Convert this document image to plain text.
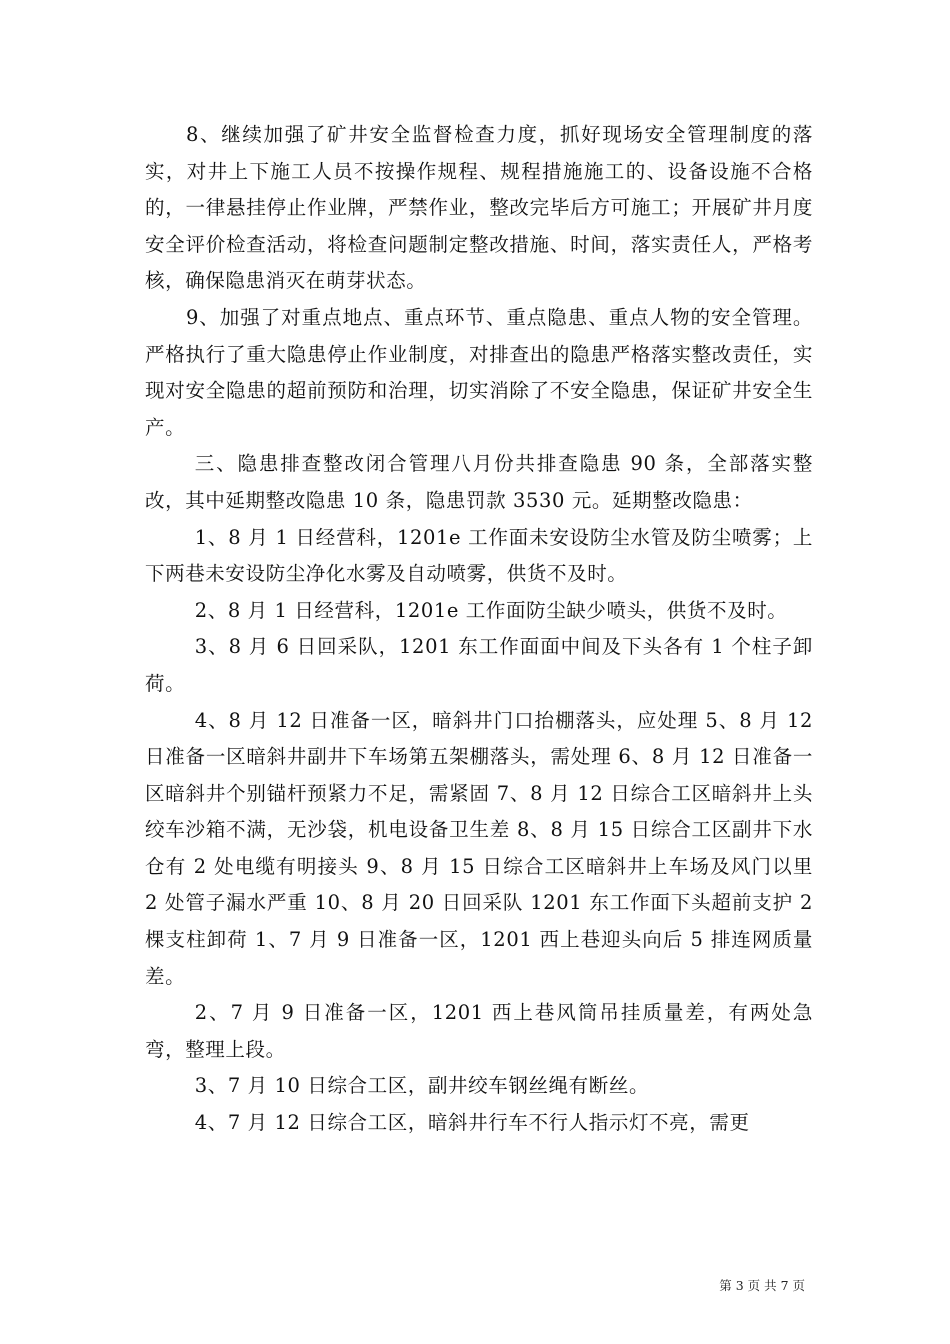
8、继续加强了矿井安全监督检查力度，抓好现场安全管理制度的落实，对井上下施工人员不按操作规程、规程措施施工的、设备设施不合格的，一律悬挂停止作业牌，严禁作业，整改完毕后方可施工；开展矿井月度安全评价检查活动，将检查问题制定整改措施、时间，落实责任人，严格考核，确保隐患消灭在萌芽状态。

9、加强了对重点地点、重点环节、重点隐患、重点人物的安全管理。严格执行了重大隐患停止作业制度，对排查出的隐患严格落实整改责任，实现对安全隐患的超前预防和治理，切实消除了不安全隐患，保证矿井安全生产。

三、隐患排查整改闭合管理八月份共排查隐患 90 条，全部落实整改，其中延期整改隐患 10 条，隐患罚款 3530 元。延期整改隐患：

1、8 月 1 日经营科，1201e 工作面未安设防尘水管及防尘喷雾；上下两巷未安设防尘净化水雾及自动喷雾，供货不及时。

2、8 月 1 日经营科，1201e 工作面防尘缺少喷头，供货不及时。

3、8 月 6 日回采队，1201 东工作面面中间及下头各有 1 个柱子卸荷。

4、8 月 12 日准备一区，暗斜井门口抬棚落头，应处理 5、8 月 12 日准备一区暗斜井副井下车场第五架棚落头，需处理 6、8 月 12 日准备一区暗斜井个别锚杆预紧力不足，需紧固 7、8 月 12 日综合工区暗斜井上头绞车沙箱不满，无沙袋，机电设备卫生差 8、8 月 15 日综合工区副井下水仓有 2 处电缆有明接头 9、8 月 15 日综合工区暗斜井上车场及风门以里 2 处管子漏水严重 10、8 月 20 日回采队 1201 东工作面下头超前支护 2 棵支柱卸荷 1、7 月 9 日准备一区，1201 西上巷迎头向后 5 排连网质量差。

2、7 月 9 日准备一区，1201 西上巷风筒吊挂质量差，有两处急弯，整理上段。

3、7 月 10 日综合工区，副井绞车钢丝绳有断丝。

4、7 月 12 日综合工区，暗斜井行车不行人指示灯不亮，需更

第 3 页 共 7 页
